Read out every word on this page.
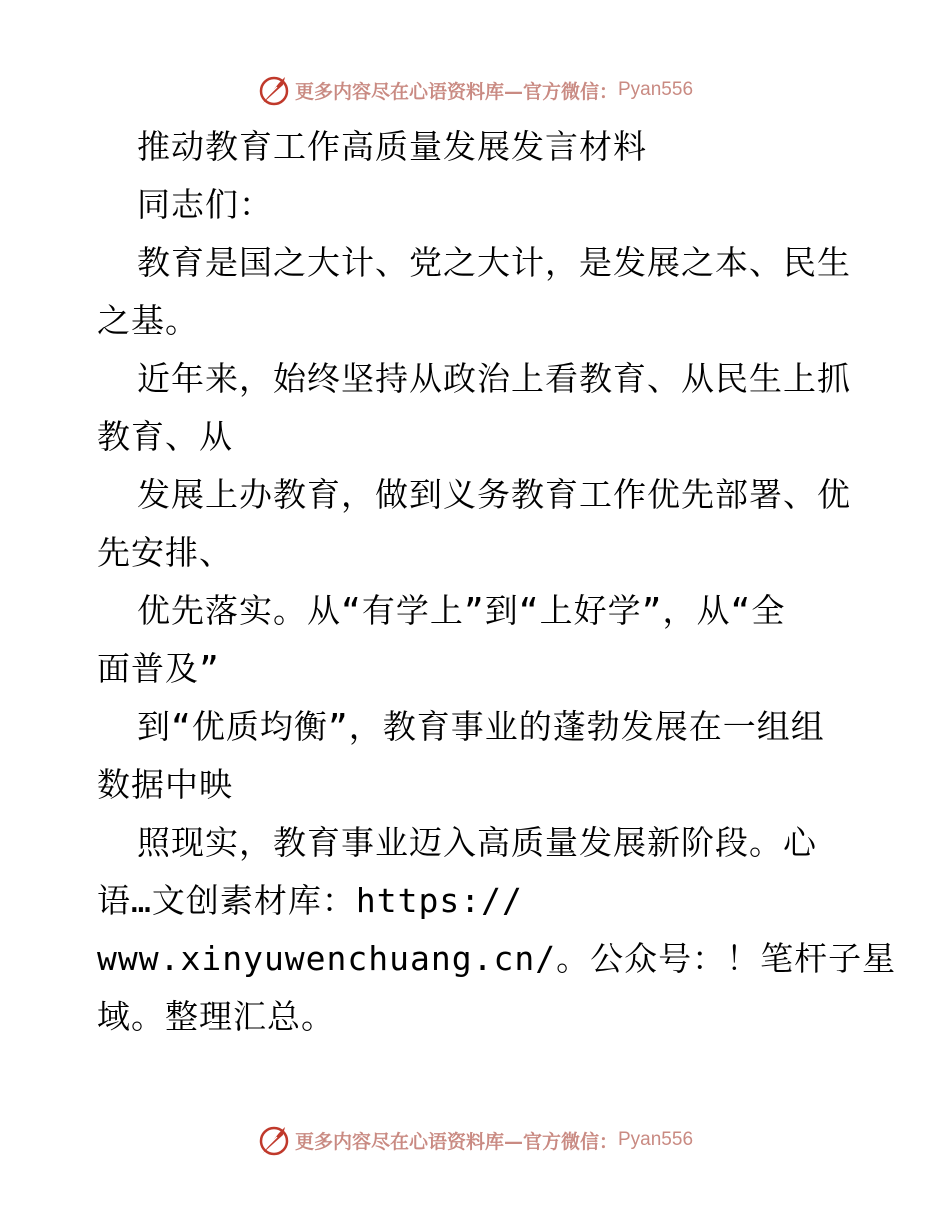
更多内容尽在心语资料库—官方微信： Pyan556
推动教育工作高质量发展发言材料
同志们：
教育是国之大计、党之大计，是发展之本、民生
之基。
近年来，始终坚持从政治上看教育、从民生上抓
教育、从
发展上办教育，做到义务教育工作优先部署、优
先安排、
优先落实。从“有学上”到“上好学”，从“全
面普及”
到“优质均衡”，教育事业的蓬勃发展在一组组
数据中映
照现实，教育事业迈入高质量发展新阶段。心
语…文创素材库：https://
www.xinyuwenchuang.cn/。公众号：！笔杆子星
域。整理汇总。
更多内容尽在心语资料库—官方微信： Pyan556
